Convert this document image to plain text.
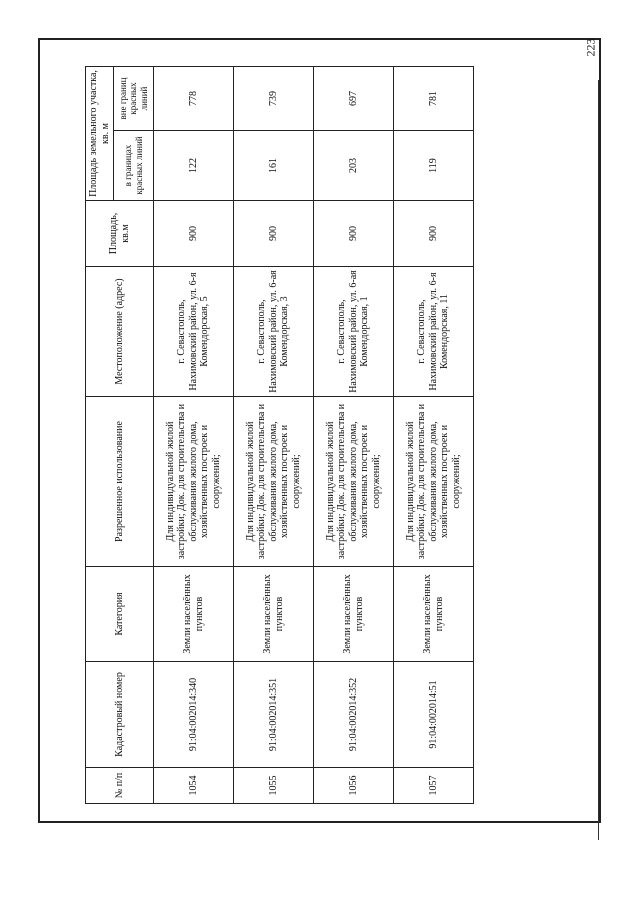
223
№ п/п	Кадастровый номер	Категория	Разрешенное использование	Местоположение (адрес)	Площадь, кв.м	Площадь земельного участка, кв. м	
						в границах красных линий	вне границ красных линий
1054	91:04:002014:340	Земли населённых пунктов	Для индивидуальной жилой застройки; Док. для строительства и обслуживания жилого дома, хозяйственных построек и сооружений;	г. Севастополь, Нахимовский район, ул. 6-я Комендорская, 5	900	122	778
1055	91:04:002014:351	Земли населённых пунктов	Для индивидуальной жилой застройки; Док. для строительства и обслуживания жилого дома, хозяйственных построек и сооружений;	г. Севастополь, Нахимовский район, ул. 6-ая Комендорская, 3	900	161	739
1056	91:04:002014:352	Земли населённых пунктов	Для индивидуальной жилой застройки; Док. для строительства и обслуживания жилого дома, хозяйственных построек и сооружений;	г. Севастополь, Нахимовский район, ул. 6-ая Комендорская, 1	900	203	697
1057	91:04:002014:51	Земли населённых пунктов	Для индивидуальной жилой застройки; Док. для строительства и обслуживания жилого дома, хозяйственных построек и сооружений;	г. Севастополь, Нахимовский район, ул. 6-я Комендорская, 11	900	119	781
